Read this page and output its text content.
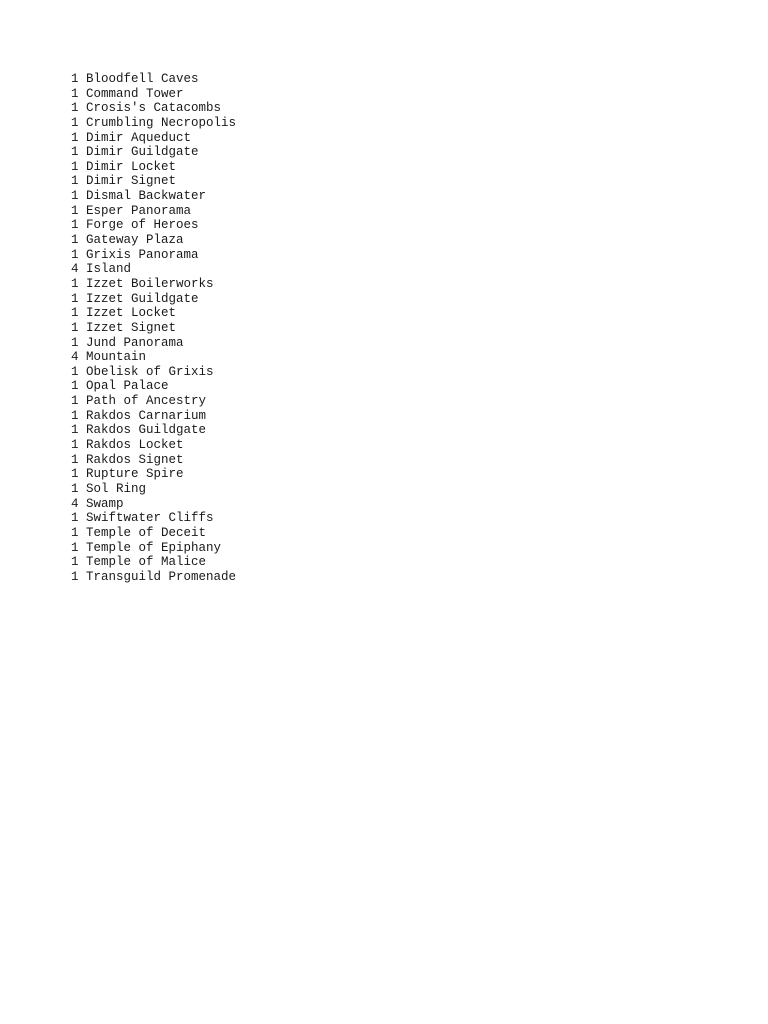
1 Bloodfell Caves
1 Command Tower
1 Crosis's Catacombs
1 Crumbling Necropolis
1 Dimir Aqueduct
1 Dimir Guildgate
1 Dimir Locket
1 Dimir Signet
1 Dismal Backwater
1 Esper Panorama
1 Forge of Heroes
1 Gateway Plaza
1 Grixis Panorama
4 Island
1 Izzet Boilerworks
1 Izzet Guildgate
1 Izzet Locket
1 Izzet Signet
1 Jund Panorama
4 Mountain
1 Obelisk of Grixis
1 Opal Palace
1 Path of Ancestry
1 Rakdos Carnarium
1 Rakdos Guildgate
1 Rakdos Locket
1 Rakdos Signet
1 Rupture Spire
1 Sol Ring
4 Swamp
1 Swiftwater Cliffs
1 Temple of Deceit
1 Temple of Epiphany
1 Temple of Malice
1 Transguild Promenade
